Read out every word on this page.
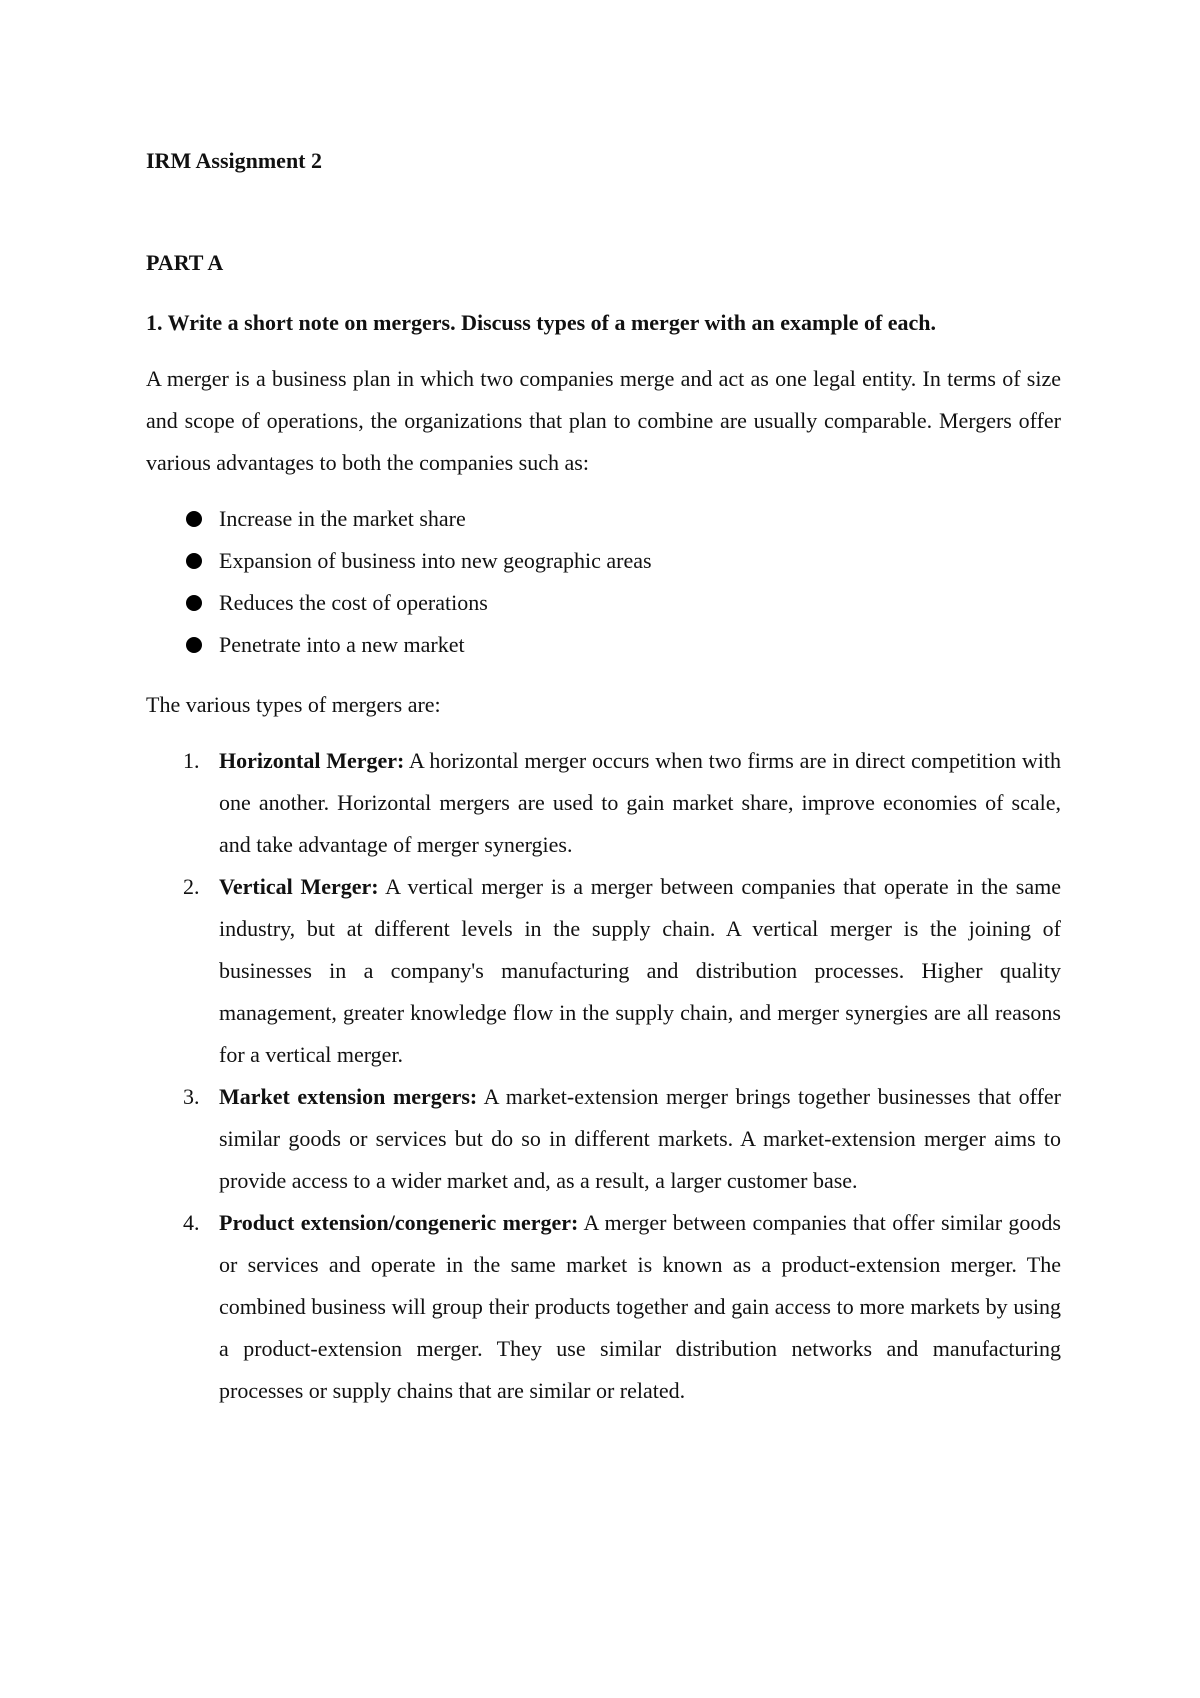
IRM Assignment 2

PART A

1. Write a short note on mergers. Discuss types of a merger with an example of each.

A merger is a business plan in which two companies merge and act as one legal entity. In terms of size and scope of operations, the organizations that plan to combine are usually comparable. Mergers offer various advantages to both the companies such as:

Increase in the market share
Expansion of business into new geographic areas
Reduces the cost of operations
Penetrate into a new market

The various types of mergers are:

1. Horizontal Merger: A horizontal merger occurs when two firms are in direct competition with one another. Horizontal mergers are used to gain market share, improve economies of scale, and take advantage of merger synergies.
2. Vertical Merger: A vertical merger is a merger between companies that operate in the same industry, but at different levels in the supply chain. A vertical merger is the joining of businesses in a company's manufacturing and distribution processes. Higher quality management, greater knowledge flow in the supply chain, and merger synergies are all reasons for a vertical merger.
3. Market extension mergers: A market-extension merger brings together businesses that offer similar goods or services but do so in different markets. A market-extension merger aims to provide access to a wider market and, as a result, a larger customer base.
4. Product extension/congeneric merger: A merger between companies that offer similar goods or services and operate in the same market is known as a product-extension merger. The combined business will group their products together and gain access to more markets by using a product-extension merger. They use similar distribution networks and manufacturing processes or supply chains that are similar or related.
